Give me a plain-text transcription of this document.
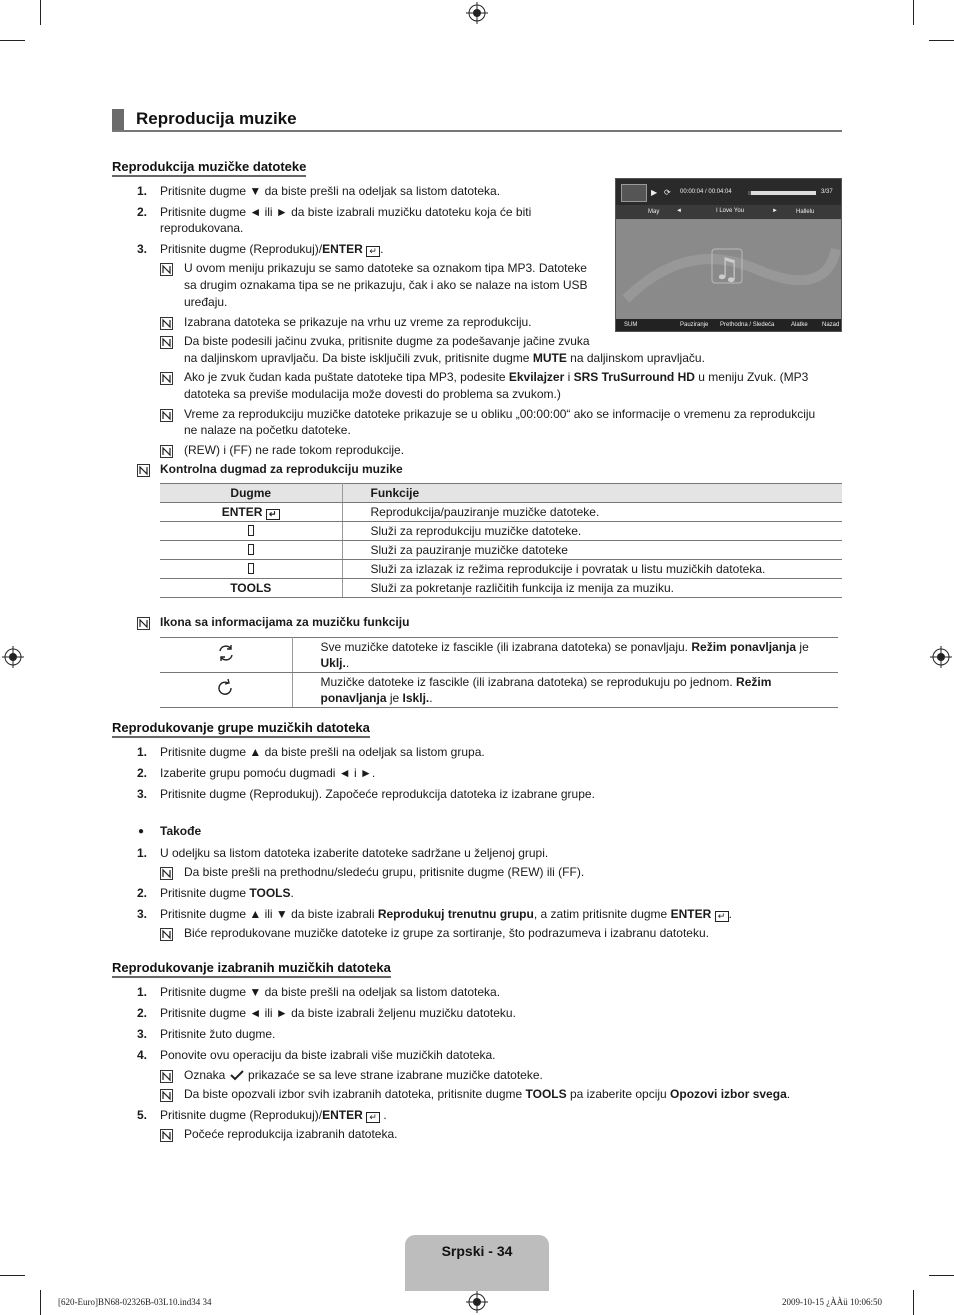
Reproducija muzike
Reprodukcija muzičke datoteke
1. Pritisnite dugme ▼ da biste prešli na odeljak sa listom datoteka.
2. Pritisnite dugme ◄ ili ► da biste izabrali muzičku datoteku koja će biti
reprodukovana.
3. Pritisnite dugme (Reprodukuj)/ENTER ↵ .
U ovom meniju prikazuju se samo datoteke sa oznakom tipa MP3. Datoteke
sa drugim oznakama tipa se ne prikazuju, čak i ako se nalaze na istom USB
uređaju.
Izabrana datoteka se prikazuje na vrhu uz vreme za reprodukciju.
Da biste podesili jačinu zvuka, pritisnite dugme za podešavanje jačine zvuka
na daljinskom upravljaču. Da biste isključili zvuk, pritisnite dugme MUTE na daljinskom upravljaču.
Ako je zvuk čudan kada puštate datoteke tipa MP3, podesite Ekvilajzer i SRS TruSurround HD u meniju Zvuk. (MP3
datoteka sa previše modulacija može dovesti do problema sa zvukom.)
Vreme za reprodukciju muzičke datoteke prikazuje se u obliku „00:00:00“ ako se informacije o vremenu za reprodukciju
ne nalaze na početku datoteke.
(REW) i (FF) ne rade tokom reprodukcije.
Kontrolna dugmad za reprodukciju muzike
▶ ⟳ 00:00:04 / 00:04:04	3/37
May	◄	I Love You	►	Hallelu
♫
SUM	Pauziranje Prethodna / Sledeća	Alatke Nazad
Dugme	Funkcije
ENTER ↵	Reprodukcija/pauziranje muzičke datoteke.
	Služi za reprodukciju muzičke datoteke.
	Služi za pauziranje muzičke datoteke
	Služi za izlazak iz režima reprodukcije i povratak u listu muzičkih datoteka.
TOOLS	Služi za pokretanje različitih funkcija iz menija za muziku.
Ikona sa informacijama za muzičku funkciju
	Sve muzičke datoteke iz fascikle (ili izabrana datoteka) se ponavljaju. Režim ponavljanja je
Uklj..
	Muzičke datoteke iz fascikle (ili izabrana datoteka) se reprodukuju po jednom. Režim
ponavljanja je Isklj..
Reprodukovanje grupe muzičkih datoteka
1. Pritisnite dugme ▲ da biste prešli na odeljak sa listom grupa.
2. Izaberite grupu pomoću dugmadi ◄ i ►.
3. Pritisnite dugme (Reprodukuj). Započeće reprodukcija datoteka iz izabrane grupe.
● Takođe
1. U odeljku sa listom datoteka izaberite datoteke sadržane u željenoj grupi.
Da biste prešli na prethodnu/sledeću grupu, pritisnite dugme (REW) ili (FF).
2. Pritisnite dugme TOOLS.
3. Pritisnite dugme ▲ ili ▼ da biste izabrali Reprodukuj trenutnu grupu, a zatim pritisnite dugme ENTER ↵ .
Biće reprodukovane muzičke datoteke iz grupe za sortiranje, što podrazumeva i izabranu datoteku.
Reprodukovanje izabranih muzičkih datoteka
1. Pritisnite dugme ▼ da biste prešli na odeljak sa listom datoteka.
2. Pritisnite dugme ◄ ili ► da biste izabrali željenu muzičku datoteku.
3. Pritisnite žuto dugme.
4. Ponovite ovu operaciju da biste izabrali više muzičkih datoteka.
Oznaka  prikazaće se sa leve strane izabrane muzičke datoteke.
Da biste opozvali izbor svih izabranih datoteka, pritisnite dugme TOOLS pa izaberite opciju Opozovi izbor svega.
5. Pritisnite dugme (Reprodukuj)/ENTER ↵ .
Počeće reprodukcija izabranih datoteka.
Srpski - 34
[620-Euro]BN68-02326B-03L10.ind34 34	2009-10-15 ¿ÀÀü 10:06:50
